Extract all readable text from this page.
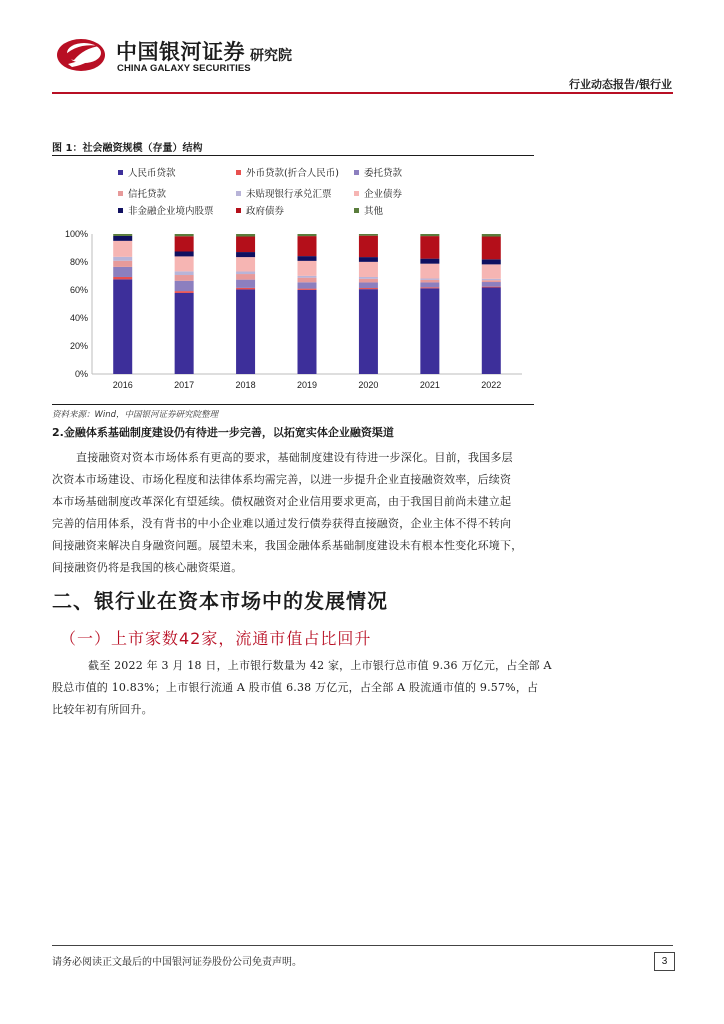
中国银河证券
CHINA GALAXY SECURITIES
研究院
行业动态报告/银行业
图 1：社会融资规模（存量）结构
人民币贷款	外币贷款(折合人民币)	委托贷款
信托贷款	未贴现银行承兑汇票	企业债券
非金融企业境内股票	政府债券	其他
0%
20%
40%
60%
80%
100%
2016	2017	2018	2019	2020	2021	2022
资料来源：Wind，中国银河证券研究院整理
2.金融体系基础制度建设仍有待进一步完善，以拓宽实体企业融资渠道
直接融资对资本市场体系有更高的要求，基础制度建设有待进一步深化。目前，我国多层
次资本市场建设、市场化程度和法律体系均需完善，以进一步提升企业直接融资效率，后续资
本市场基础制度改革深化有望延续。债权融资对企业信用要求更高，由于我国目前尚未建立起
完善的信用体系，没有背书的中小企业难以通过发行债券获得直接融资，企业主体不得不转向
间接融资来解决自身融资问题。展望未来，我国金融体系基础制度建设未有根本性变化环境下，
间接融资仍将是我国的核心融资渠道。
二、银行业在资本市场中的发展情况
（一）上市家数42家，流通市值占比回升
截至 2022 年 3 月 18 日，上市银行数量为 42 家，上市银行总市值 9.36 万亿元，占全部 A
股总市值的 10.83%；上市银行流通 A 股市值 6.38 万亿元，占全部 A 股流通市值的 9.57%，占
比较年初有所回升。
请务必阅读正文最后的中国银河证券股份公司免责声明。	3
